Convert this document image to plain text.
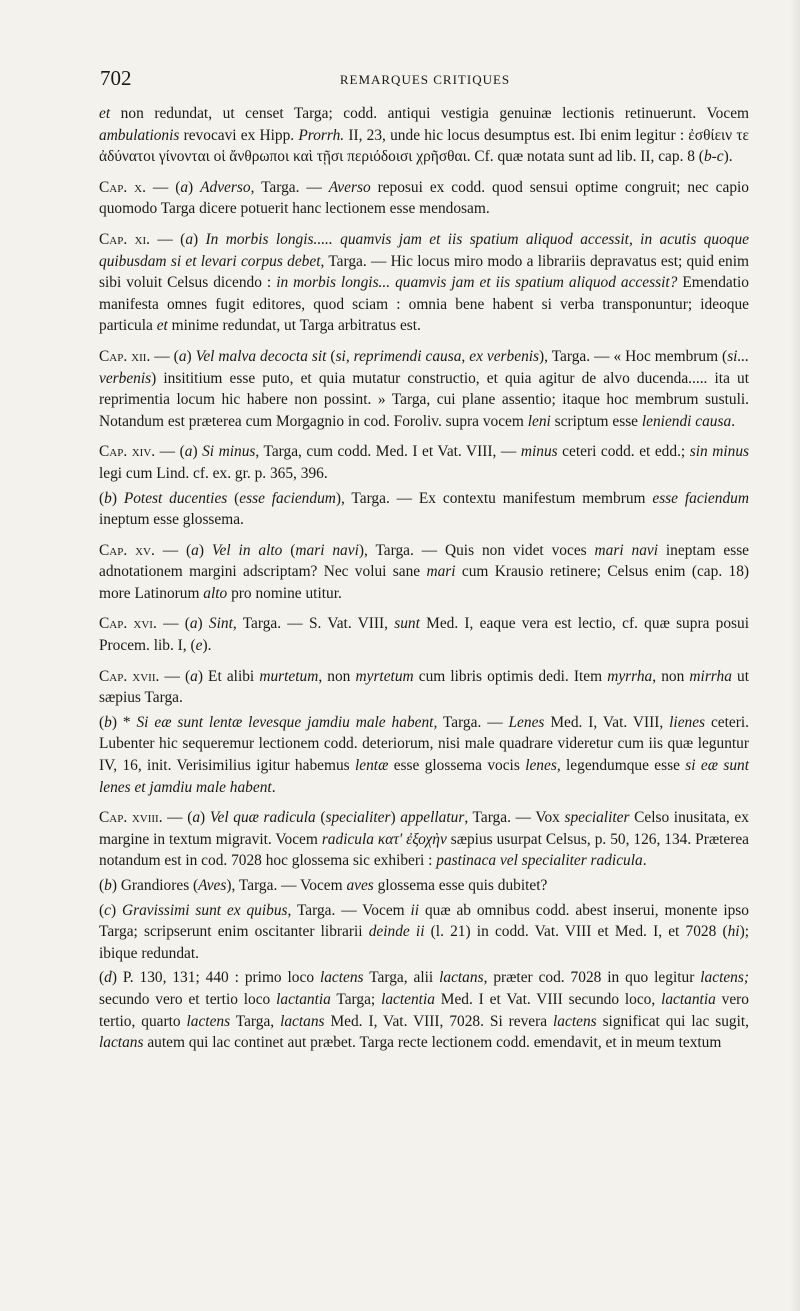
702	REMARQUES CRITIQUES

et non redundat, ut censet Targa; codd. antiqui vestigia genuinæ lectionis retinuerunt. Vocem ambulationis revocavi ex Hipp. Prorrh. II, 23, unde hic locus desumptus est. Ibi enim legitur : ἐσθίειν τε ἀδύνατοι γίνονται οἱ ἄνθρωποι καὶ τῇσι περιόδοισι χρῆσθαι. Cf. quæ notata sunt ad lib. II, cap. 8 (b-c).

Cap. x. — (a) Adverso, Targa. — Averso reposui ex codd. quod sensui optime congruit; nec capio quomodo Targa dicere potuerit hanc lectionem esse mendosam.

Cap. xi. — (a) In morbis longis..... quamvis jam et iis spatium aliquod accessit, in acutis quoque quibusdam si et levari corpus debet, Targa. — Hic locus miro modo a librariis depravatus est; quid enim sibi voluit Celsus dicendo : in morbis longis... quamvis jam et iis spatium aliquod accessit? Emendatio manifesta omnes fugit editores, quod sciam : omnia bene habent si verba transponuntur; ideoque particula et minime redundat, ut Targa arbitratus est.

Cap. xii. — (a) Vel malva decocta sit (si, reprimendi causa, ex verbenis), Targa. — « Hoc membrum (si... verbenis) insititium esse puto, et quia mutatur constructio, et quia agitur de alvo ducenda..... ita ut reprimentia locum hic habere non possint. » Targa, cui plane assentio; itaque hoc membrum sustuli. Notandum est præterea cum Morgagnio in cod. Foroliv. supra vocem leni scriptum esse leniendi causa.

Cap. xiv. — (a) Si minus, Targa, cum codd. Med. I et Vat. VIII, — minus ceteri codd. et edd.; sin minus legi cum Lind. cf. ex. gr. p. 365, 396.

(b) Potest ducenties (esse faciendum), Targa. — Ex contextu manifestum membrum esse faciendum ineptum esse glossema.

Cap. xv. — (a) Vel in alto (mari navi), Targa. — Quis non videt voces mari navi ineptam esse adnotationem margini adscriptam? Nec volui sane mari cum Krausio retinere; Celsus enim (cap. 18) more Latinorum alto pro nomine utitur.

Cap. xvi. — (a) Sint, Targa. — S. Vat. VIII, sunt Med. I, eaque vera est lectio, cf. quæ supra posui Procem. lib. I, (e).

Cap. xvii. — (a) Et alibi murtetum, non myrtetum cum libris optimis dedi. Item myrrha, non mirrha ut sæpius Targa.

(b) * Si eæ sunt lentæ levesque jamdiu male habent, Targa. — Lenes Med. I, Vat. VIII, lienes ceteri. Lubenter hic sequeremur lectionem codd. deteriorum, nisi male quadrare videretur cum iis quæ leguntur IV, 16, init. Verisimilius igitur habemus lentæ esse glossema vocis lenes, legendumque esse si eæ sunt lenes et jamdiu male habent.

Cap. xviii. — (a) Vel quæ radicula (specialiter) appellatur, Targa. — Vox specialiter Celso inusitata, ex margine in textum migravit. Vocem radicula κατ' ἐξοχὴν sæpius usurpat Celsus, p. 50, 126, 134. Præterea notandum est in cod. 7028 hoc glossema sic exhiberi : pastinaca vel specialiter radicula.

(b) Grandiores (Aves), Targa. — Vocem aves glossema esse quis dubitet?

(c) Gravissimi sunt ex quibus, Targa. — Vocem ii quæ ab omnibus codd. abest inserui, monente ipso Targa; scripserunt enim oscitanter librarii deinde ii (l. 21) in codd. Vat. VIII et Med. I, et 7028 (hi); ibique redundat.

(d) P. 130, 131; 440 : primo loco lactens Targa, alii lactans, præter cod. 7028 in quo legitur lactens; secundo vero et tertio loco lactantia Targa; lactentia Med. I et Vat. VIII secundo loco, lactantia vero tertio, quarto lactens Targa, lactans Med. I, Vat. VIII, 7028. Si revera lactens significat qui lac sugit, lactans autem qui lac continet aut præbet. Targa recte lectionem codd. emendavit, et in meum textum
